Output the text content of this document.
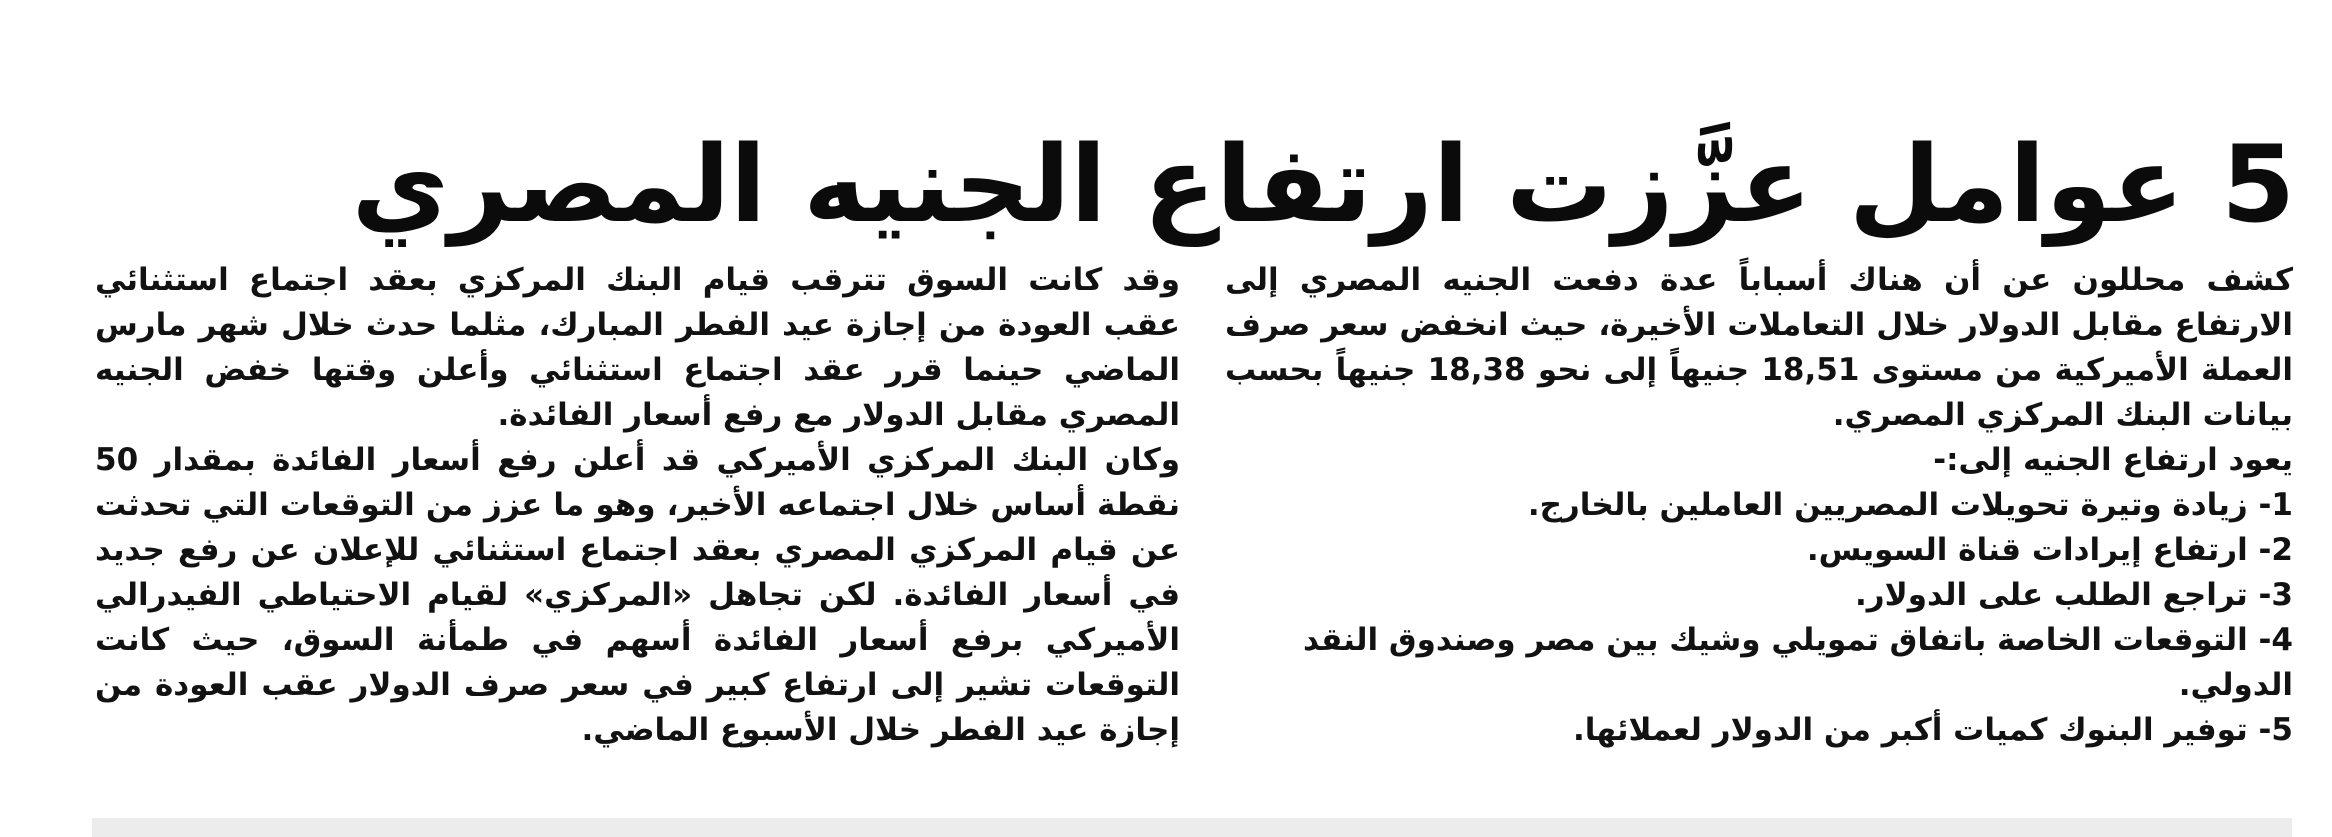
5 عوامل عزَّزت ارتفاع الجنيه المصري

كشف محللون عن أن هناك أسباباً عدة دفعت الجنيه المصري إلى الارتفاع مقابل الدولار خلال التعاملات الأخيرة، حيث انخفض سعر صرف العملة الأميركية من مستوى 18,51 جنيهاً إلى نحو 18,38 جنيهاً بحسب بيانات البنك المركزي المصري.

يعود ارتفاع الجنيه إلى:-

1- زيادة وتيرة تحويلات المصريين العاملين بالخارج.
2- ارتفاع إيرادات قناة السويس.
3- تراجع الطلب على الدولار.
4- التوقعات الخاصة باتفاق تمويلي وشيك بين مصر وصندوق النقد الدولي.
5- توفير البنوك كميات أكبر من الدولار لعملائها.

وقد كانت السوق تترقب قيام البنك المركزي بعقد اجتماع استثنائي عقب العودة من إجازة عيد الفطر المبارك، مثلما حدث خلال شهر مارس الماضي حينما قرر عقد اجتماع استثنائي وأعلن وقتها خفض الجنيه المصري مقابل الدولار مع رفع أسعار الفائدة.

وكان البنك المركزي الأميركي قد أعلن رفع أسعار الفائدة بمقدار 50 نقطة أساس خلال اجتماعه الأخير، وهو ما عزز من التوقعات التي تحدثت عن قيام المركزي المصري بعقد اجتماع استثنائي للإعلان عن رفع جديد في أسعار الفائدة. لكن تجاهل «المركزي» لقيام الاحتياطي الفيدرالي الأميركي برفع أسعار الفائدة أسهم في طمأنة السوق، حيث كانت التوقعات تشير إلى ارتفاع كبير في سعر صرف الدولار عقب العودة من إجازة عيد الفطر خلال الأسبوع الماضي.
